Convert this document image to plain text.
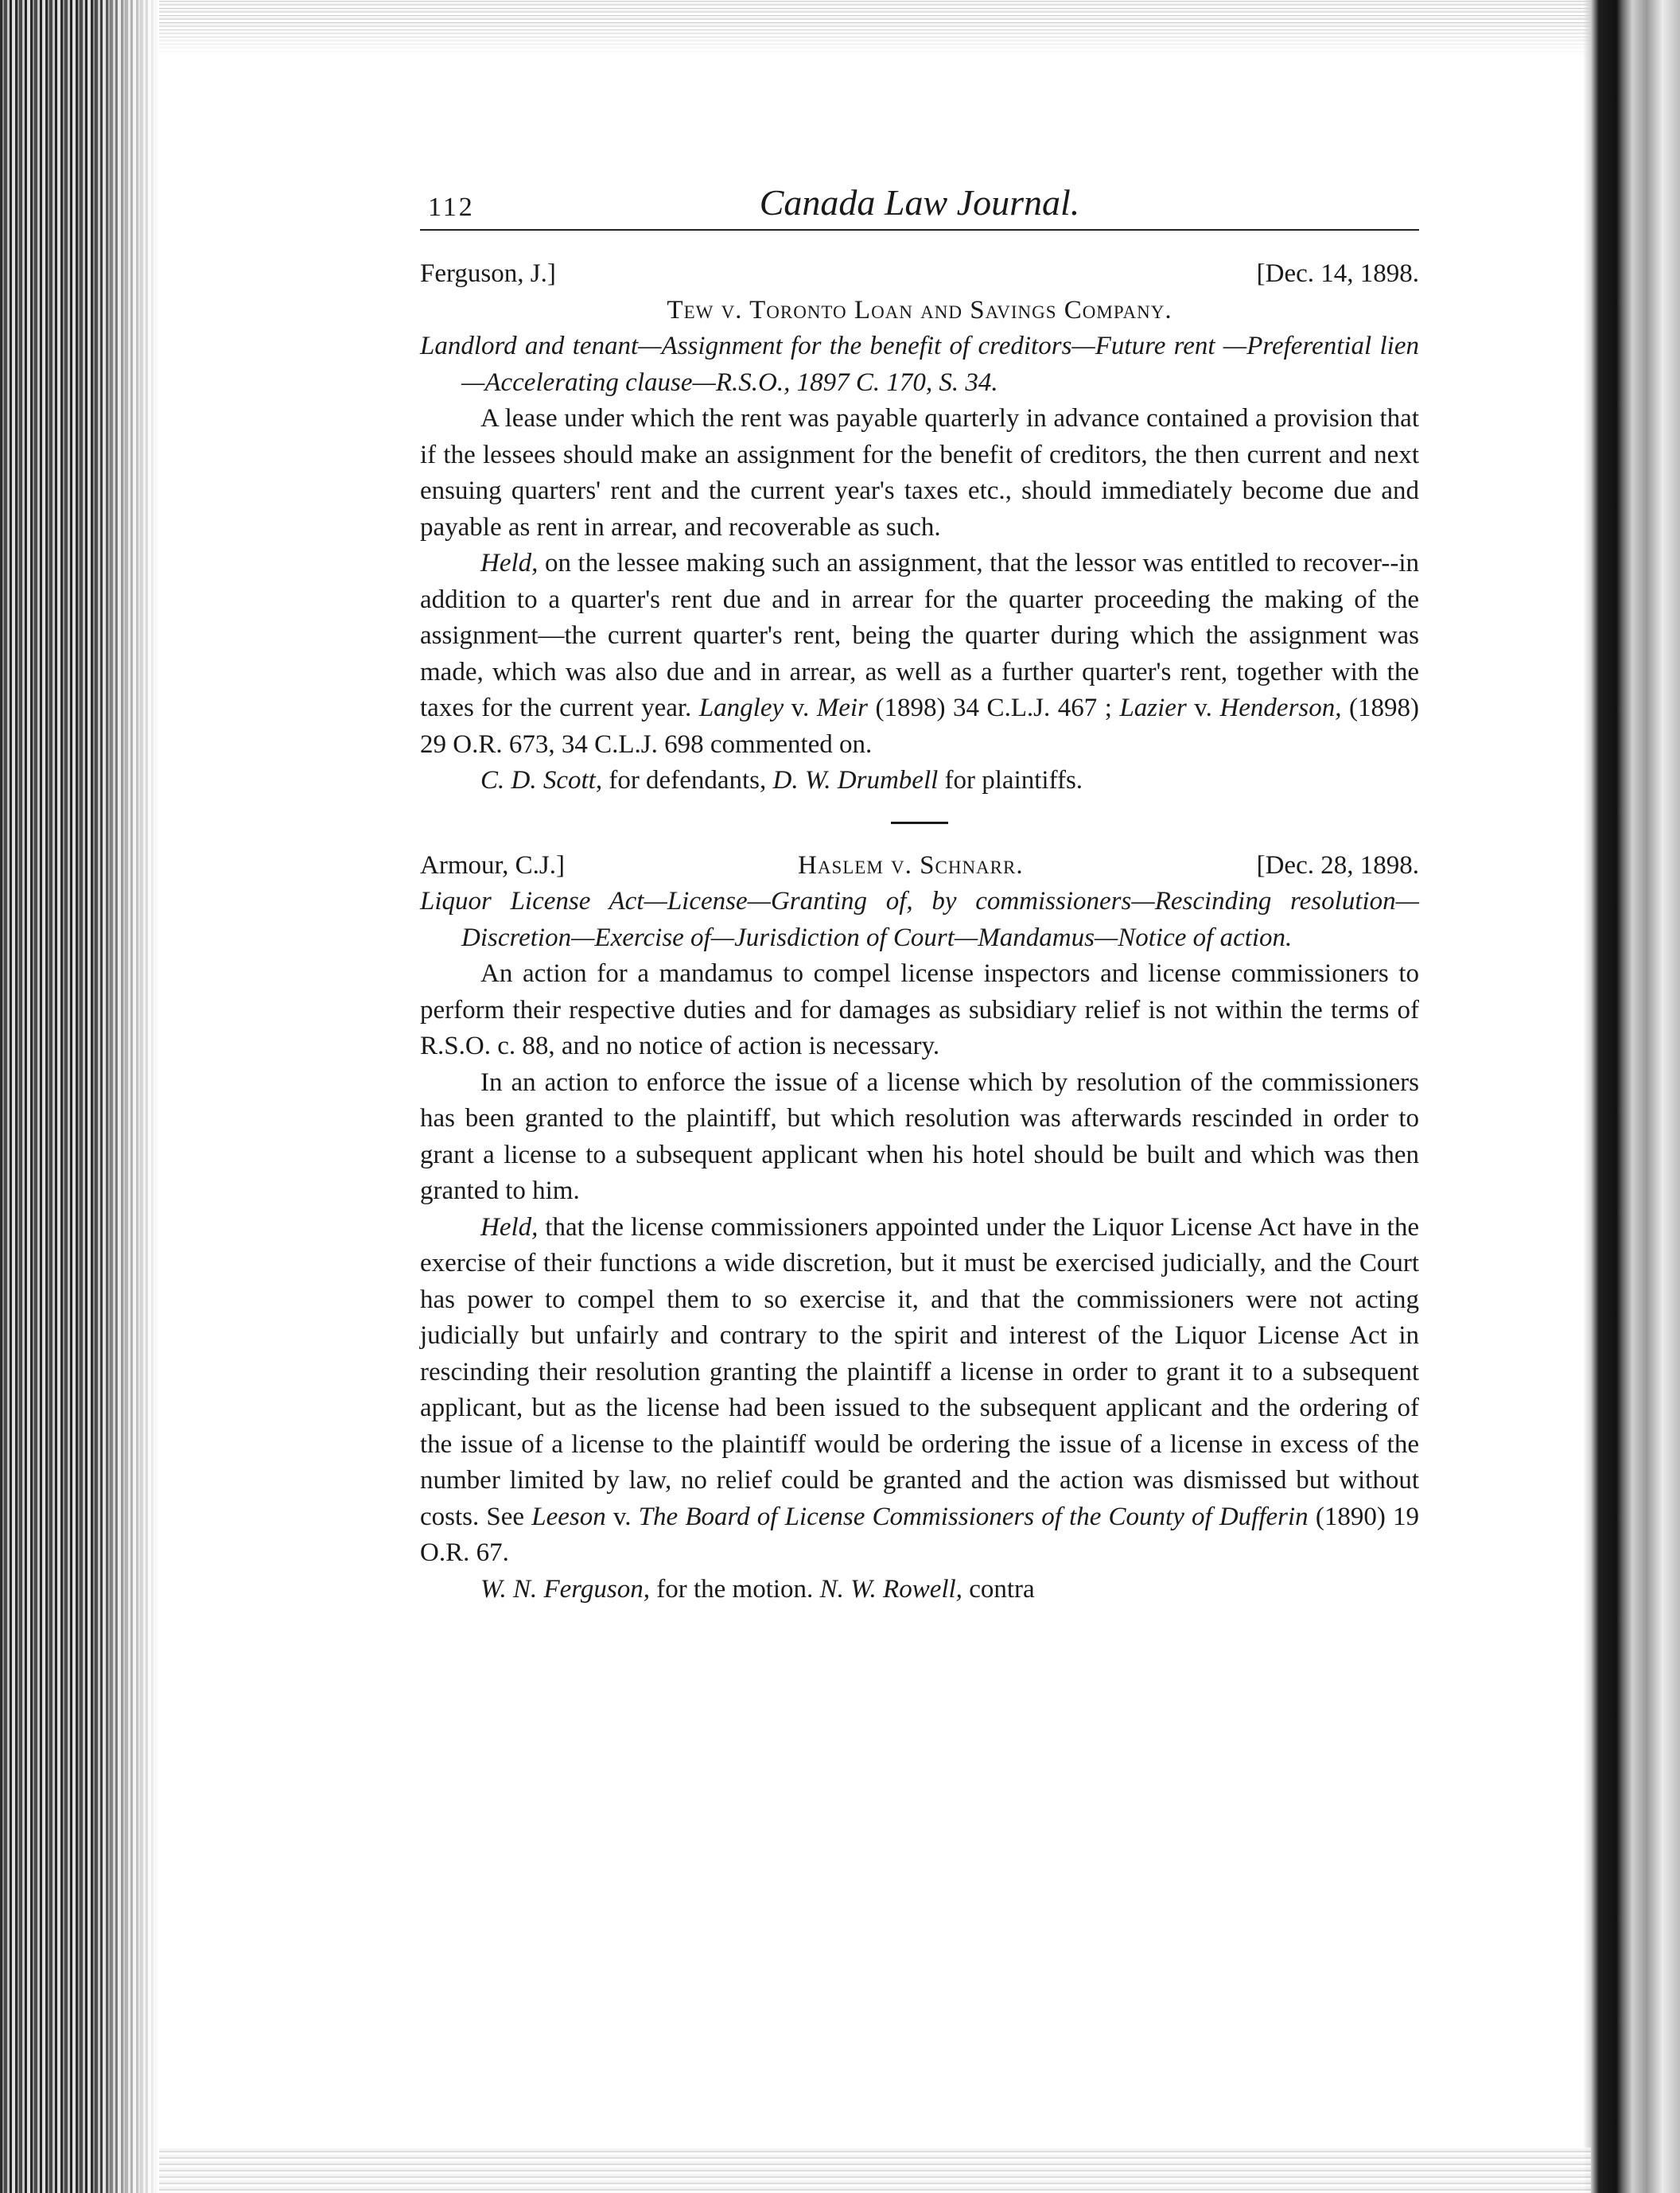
112	Canada Law Journal.
Ferguson, J.]	[Dec. 14, 1898.
Tew v. Toronto Loan and Savings Company.
Landlord and tenant—Assignment for the benefit of creditors—Future rent —Preferential lien—Accelerating clause—R.S.O., 1897 C. 170, S. 34.

A lease under which the rent was payable quarterly in advance contained a provision that if the lessees should make an assignment for the benefit of creditors, the then current and next ensuing quarters' rent and the current year's taxes etc., should immediately become due and payable as rent in arrear, and recoverable as such.

Held, on the lessee making such an assignment, that the lessor was entitled to recover--in addition to a quarter's rent due and in arrear for the quarter proceeding the making of the assignment—the current quarter's rent, being the quarter during which the assignment was made, which was also due and in arrear, as well as a further quarter's rent, together with the taxes for the current year. Langley v. Meir (1898) 34 C.L.J. 467 ; Lazier v. Henderson, (1898) 29 O.R. 673, 34 C.L.J. 698 commented on.

C. D. Scott, for defendants, D. W. Drumbell for plaintiffs.

Armour, C.J.]	Haslem v. Schnarr.	[Dec. 28, 1898.
Liquor License Act—License—Granting of, by commissioners—Rescinding resolution—Discretion—Exercise of—Jurisdiction of Court—Mandamus—Notice of action.

An action for a mandamus to compel license inspectors and license commissioners to perform their respective duties and for damages as subsidiary relief is not within the terms of R.S.O. c. 88, and no notice of action is necessary.

In an action to enforce the issue of a license which by resolution of the commissioners has been granted to the plaintiff, but which resolution was afterwards rescinded in order to grant a license to a subsequent applicant when his hotel should be built and which was then granted to him.

Held, that the license commissioners appointed under the Liquor License Act have in the exercise of their functions a wide discretion, but it must be exercised judicially, and the Court has power to compel them to so exercise it, and that the commissioners were not acting judicially but unfairly and contrary to the spirit and interest of the Liquor License Act in rescinding their resolution granting the plaintiff a license in order to grant it to a subsequent applicant, but as the license had been issued to the subsequent applicant and the ordering of the issue of a license to the plaintiff would be ordering the issue of a license in excess of the number limited by law, no relief could be granted and the action was dismissed but without costs. See Leeson v. The Board of License Commissioners of the County of Dufferin (1890) 19 O.R. 67.

W. N. Ferguson, for the motion. N. W. Rowell, contra
